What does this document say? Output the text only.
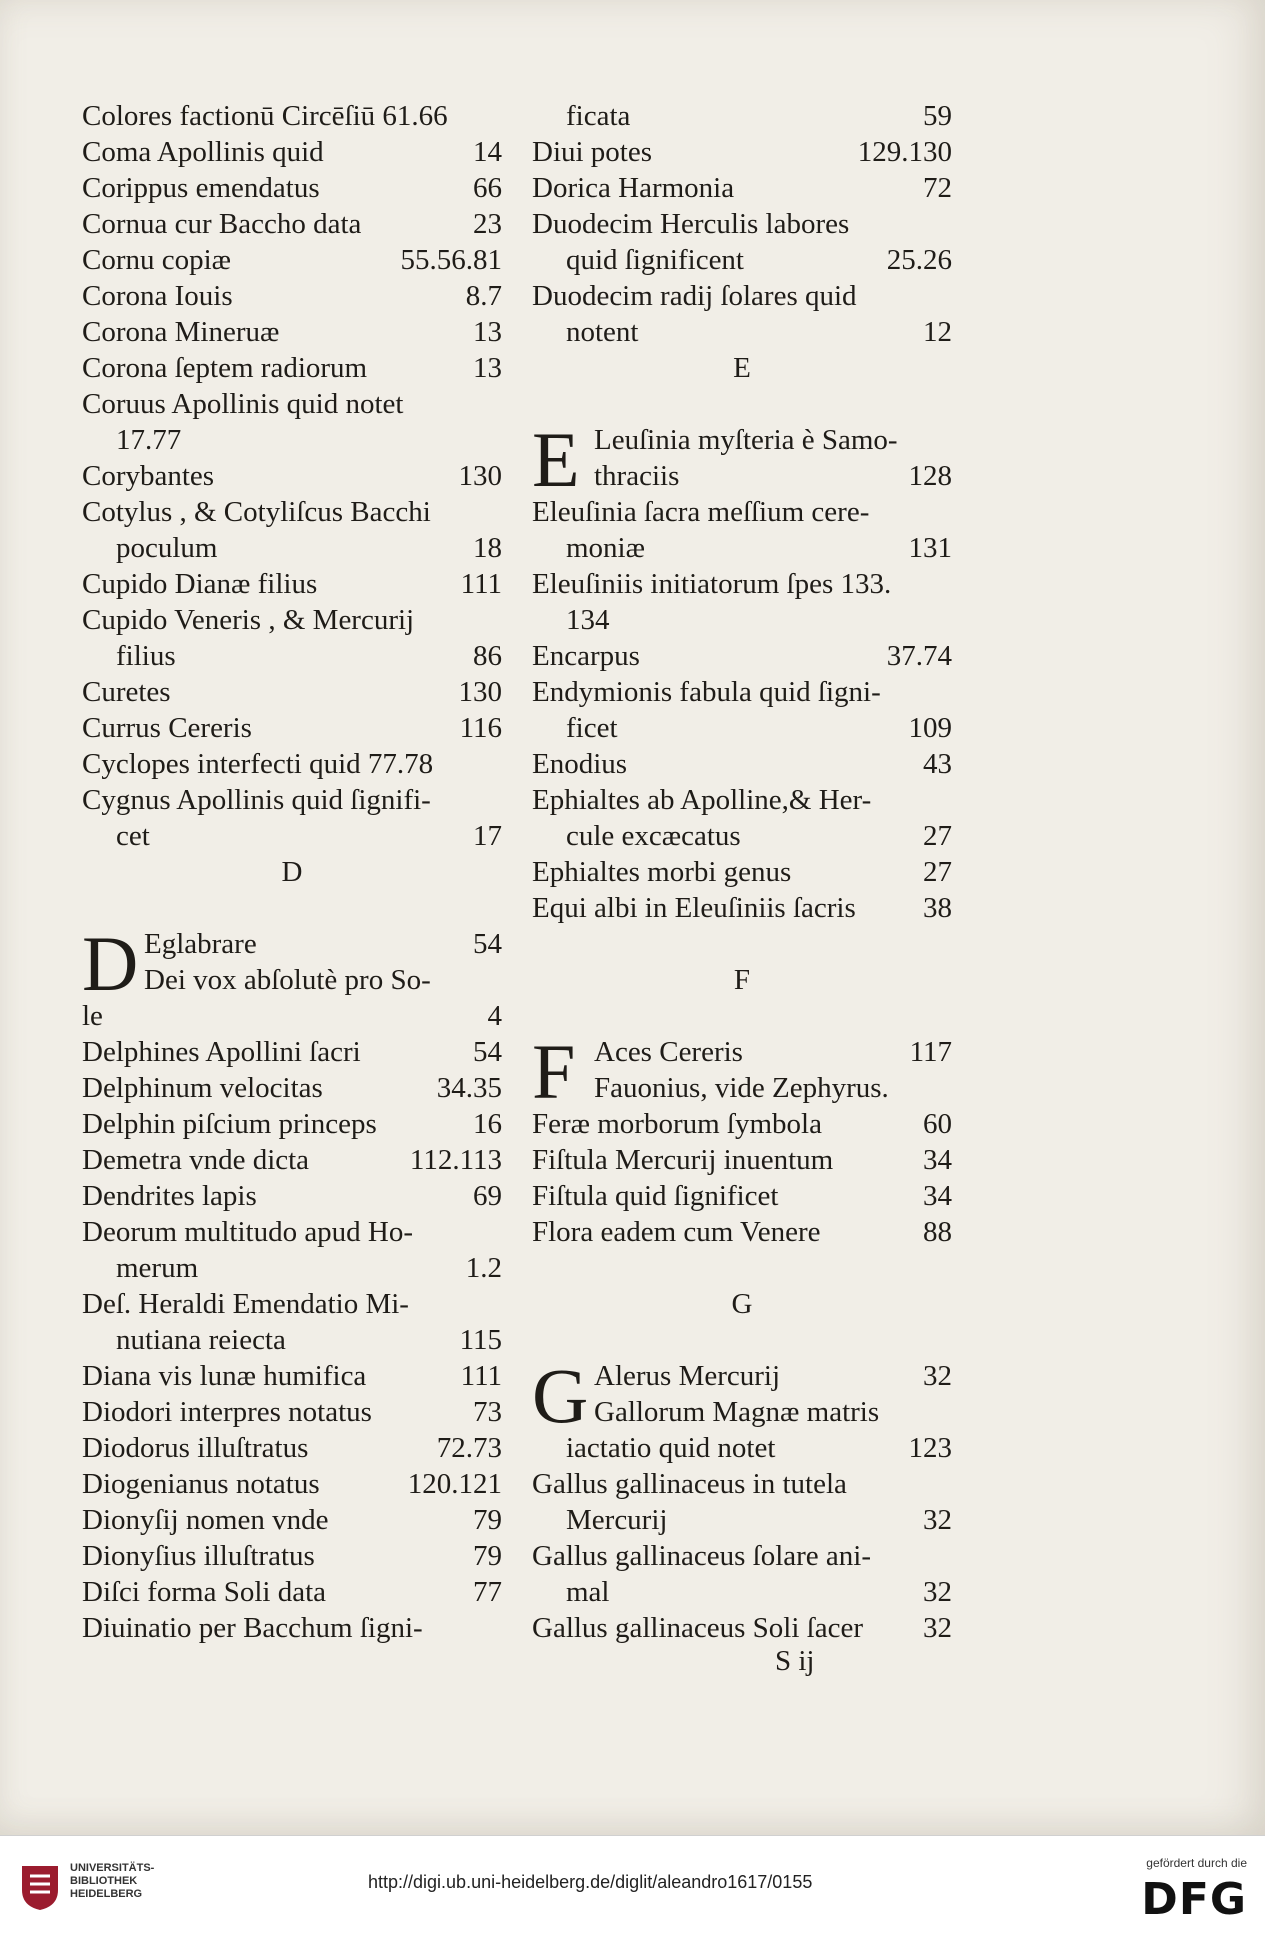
Colores factionū Circēſiū 61.66
Coma Apollinis quid	14
Corippus emendatus	66
Cornua cur Baccho data	23
Cornu copiæ	55.56.81
Corona Iouis	8.7
Corona Mineruæ	13
Corona ſeptem radiorum	13
Coruus Apollinis quid notet
17.77
Corybantes	130
Cotylus , & Cotyliſcus Bacchi
poculum	18
Cupido Dianæ filius	111
Cupido Veneris , & Mercurij
filius	86
Curetes	130
Currus Cereris	116
Cyclopes interfecti quid 77.78
Cygnus Apollinis quid ſignifi-
cet	17
D
D Eglabrare	54
Dei vox abſolutè pro So-
le	4
Delphines Apollini ſacri	54
Delphinum velocitas	34.35
Delphin piſcium princeps	16
Demetra vnde dicta	112.113
Dendrites lapis	69
Deorum multitudo apud Ho-
merum	1.2
Deſ. Heraldi Emendatio Mi-
nutiana reiecta	115
Diana vis lunæ humifica	111
Diodori interpres notatus	73
Diodorus illuſtratus	72.73
Diogenianus notatus	120.121
Dionyſij nomen vnde	79
Dionyſius illuſtratus	79
Diſci forma Soli data	77
Diuinatio per Bacchum ſigni-
ficata	59
Diui potes	129.130
Dorica Harmonia	72
Duodecim Herculis labores
quid ſignificent	25.26
Duodecim radij ſolares quid
notent	12
E
E Leuſinia myſteria è Samo-
thraciis	128
Eleuſinia ſacra meſſium cere-
moniæ	131
Eleuſiniis initiatorum ſpes 133.
134
Encarpus	37.74
Endymionis fabula quid ſigni-
ficet	109
Enodius	43
Ephialtes ab Apolline,& Her-
cule excæcatus	27
Ephialtes morbi genus	27
Equi albi in Eleuſiniis ſacris 38
F
F Aces Cereris	117
Fauonius, vide Zephyrus.
Feræ morborum ſymbola	60
Fiſtula Mercurij inuentum	34
Fiſtula quid ſignificet	34
Flora eadem cum Venere	88
G
G Alerus Mercurij	32
Gallorum Magnæ matris
iactatio quid notet	123
Gallus gallinaceus in tutela
Mercurij	32
Gallus gallinaceus ſolare ani-
mal	32
Gallus gallinaceus Soli ſacer 32
S ij
UNIVERSITÄTS-
BIBLIOTHEK
HEIDELBERG
http://digi.ub.uni-heidelberg.de/diglit/aleandro1617/0155
gefördert durch die
DFG
